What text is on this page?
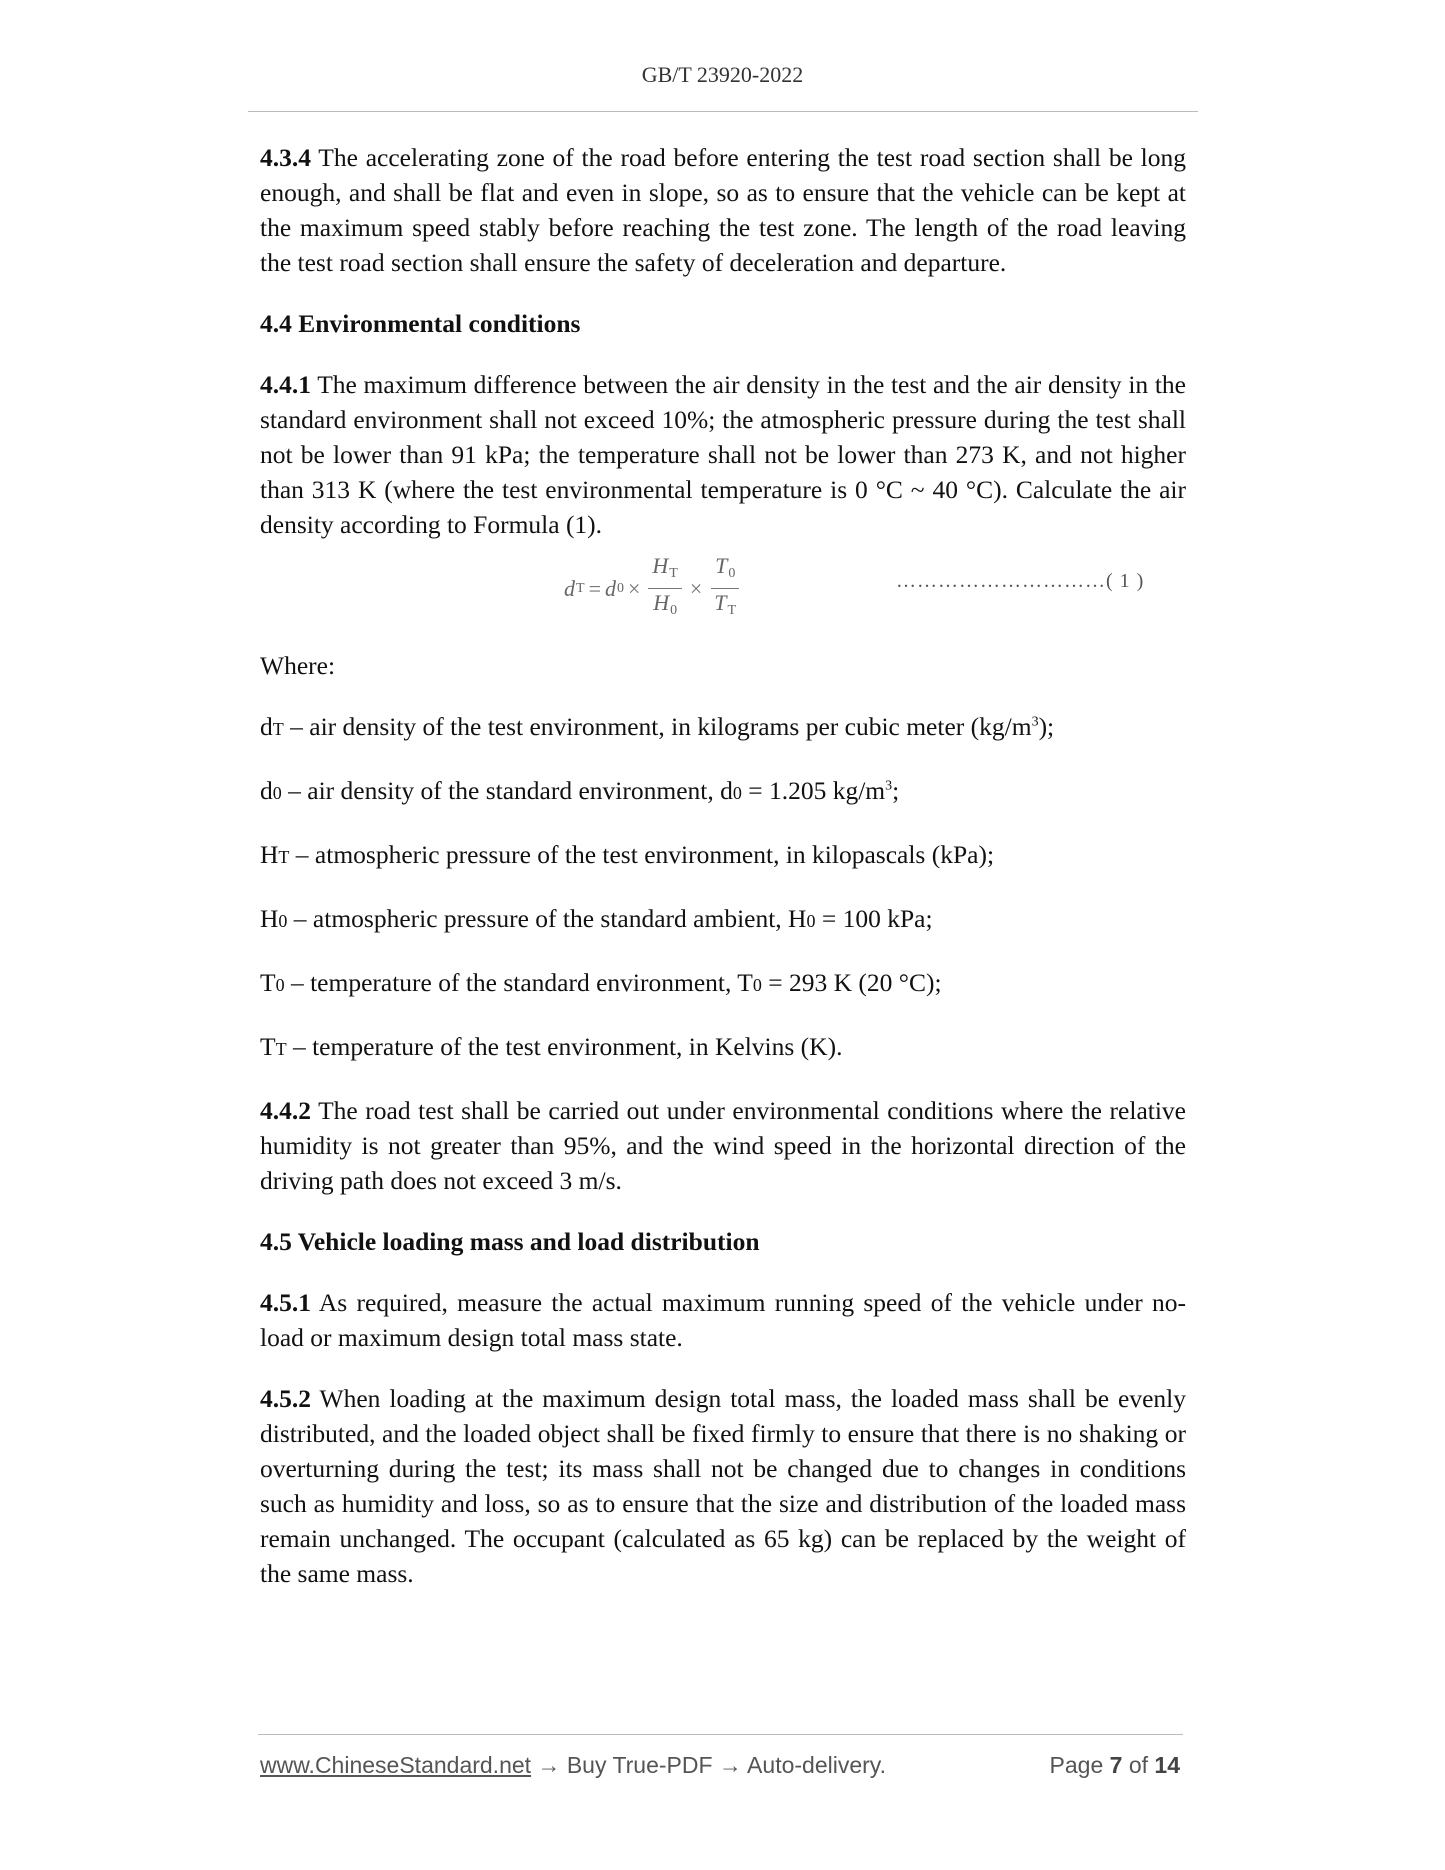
GB/T 23920-2022

4.3.4 The accelerating zone of the road before entering the test road section shall be long enough, and shall be flat and even in slope, so as to ensure that the vehicle can be kept at the maximum speed stably before reaching the test zone. The length of the road leaving the test road section shall ensure the safety of deceleration and departure.

4.4 Environmental conditions

4.4.1 The maximum difference between the air density in the test and the air density in the standard environment shall not exceed 10%; the atmospheric pressure during the test shall not be lower than 91 kPa; the temperature shall not be lower than 273 K, and not higher than 313 K (where the test environmental temperature is 0 °C ~ 40 °C). Calculate the air density according to Formula (1).

d T = d $0 \times \frac{H_T}{H_0} \times \frac{T_0}{T_T}$	…………………………( 1 )

Where:

dT – air density of the test environment, in kilograms per cubic meter $(kg/m^3)$;

d0 – air density of the standard environment, d0 = 1.205 $kg/m^3$;

HT – atmospheric pressure of the test environment, in kilopascals (kPa);

H0 – atmospheric pressure of the standard ambient, H0 = 100 kPa;

T0 – temperature of the standard environment, T0 = 293 K (20 °C);

TT – temperature of the test environment, in Kelvins (K).

4.4.2 The road test shall be carried out under environmental conditions where the relative humidity is not greater than 95%, and the wind speed in the horizontal direction of the driving path does not exceed 3 m/s.

4.5 Vehicle loading mass and load distribution

4.5.1 As required, measure the actual maximum running speed of the vehicle under no-load or maximum design total mass state.

4.5.2 When loading at the maximum design total mass, the loaded mass shall be evenly distributed, and the loaded object shall be fixed firmly to ensure that there is no shaking or overturning during the test; its mass shall not be changed due to changes in conditions such as humidity and loss, so as to ensure that the size and distribution of the loaded mass remain unchanged. The occupant (calculated as 65 kg) can be replaced by the weight of the same mass.

www.ChineseStandard.net → Buy True-PDF → Auto-delivery.	Page 7 of 14
